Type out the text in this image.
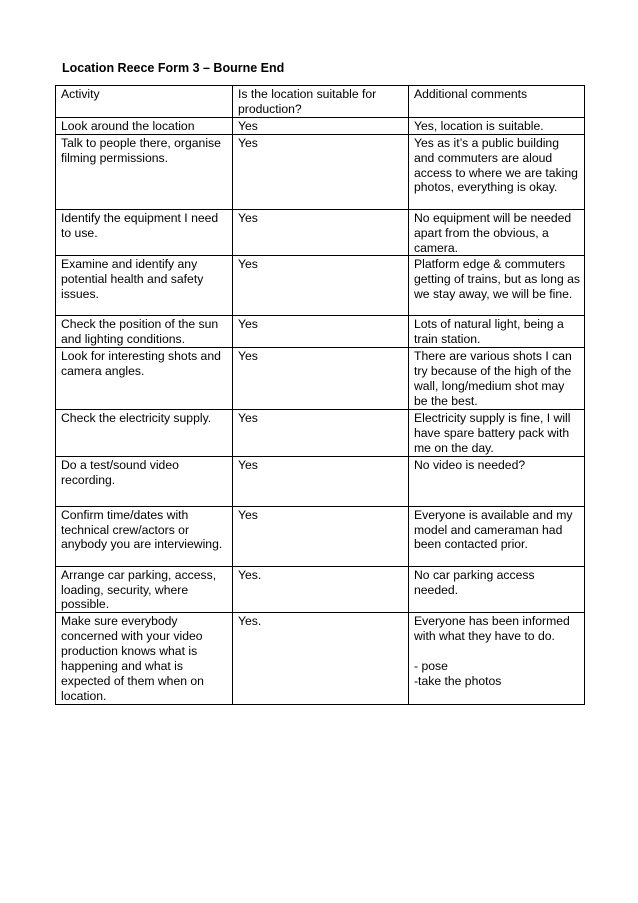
Location Reece Form 3 – Bourne End
Activity	Is the location suitable for production?	Additional comments

Look around the location	Yes	Yes, location is suitable.

Talk to people there, organise filming permissions.	Yes	Yes as it’s a public building and commuters are aloud access to where we are taking photos, everything is okay.

Identify the equipment I need to use.	Yes	No equipment will be needed apart from the obvious, a camera.

Examine and identify any potential health and safety issues.	Yes	Platform edge & commuters getting of trains, but as long as we stay away, we will be fine.

Check the position of the sun and lighting conditions.	Yes	Lots of natural light, being a train station.

Look for interesting shots and camera angles.	Yes	There are various shots I can try because of the high of the wall, long/medium shot may be the best.

Check the electricity supply.	Yes	Electricity supply is fine, I will have spare battery pack with me on the day.

Do a test/sound video recording.	Yes	No video is needed?

Confirm time/dates with technical crew/actors or anybody you are interviewing.	Yes	Everyone is available and my model and cameraman had been contacted prior.

Arrange car parking, access, loading, security, where possible.	Yes.	No car parking access needed.

Make sure everybody concerned with your video production knows what is happening and what is expected of them when on location.	Yes.	Everyone has been informed with what they have to do.

- pose
-take the photos
